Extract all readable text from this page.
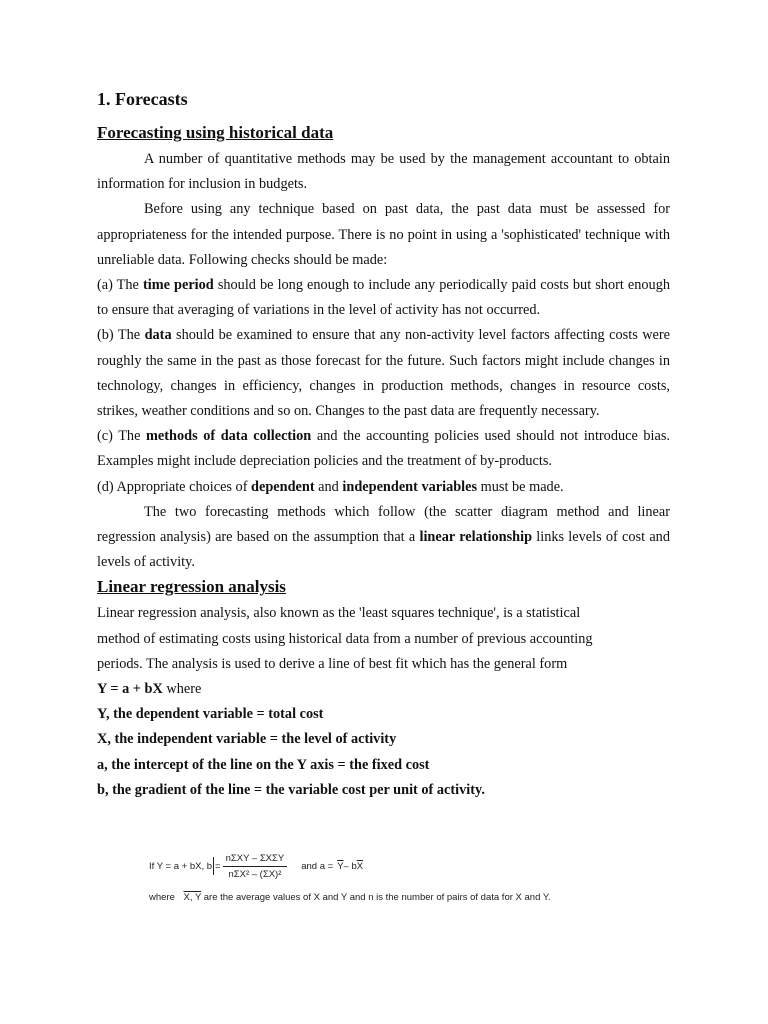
1. Forecasts
Forecasting using historical data

A number of quantitative methods may be used by the management accountant to obtain information for inclusion in budgets.

Before using any technique based on past data, the past data must be assessed for appropriateness for the intended purpose. There is no point in using a 'sophisticated' technique with unreliable data. Following checks should be made:

(a) The time period should be long enough to include any periodically paid costs but short enough to ensure that averaging of variations in the level of activity has not occurred.

(b) The data should be examined to ensure that any non-activity level factors affecting costs were roughly the same in the past as those forecast for the future. Such factors might include changes in technology, changes in efficiency, changes in production methods, changes in resource costs, strikes, weather conditions and so on. Changes to the past data are frequently necessary.

(c) The methods of data collection and the accounting policies used should not introduce bias. Examples might include depreciation policies and the treatment of by-products.

(d) Appropriate choices of dependent and independent variables must be made.

The two forecasting methods which follow (the scatter diagram method and linear regression analysis) are based on the assumption that a linear relationship links levels of cost and levels of activity.

Linear regression analysis

Linear regression analysis, also known as the 'least squares technique', is a statistical

method of estimating costs using historical data from a number of previous accounting

periods. The analysis is used to derive a line of best fit which has the general form

Y = a + bX where

Y, the dependent variable = total cost

X, the independent variable = the level of activity

a, the intercept of the line on the Y axis = the fixed cost

b, the gradient of the line = the variable cost per unit of activity.

If Y = a + bX, $b = \frac{\text{nΣXY – ΣXΣY}}{\text{nΣX² – (ΣX)²}}$ and $a = \overline{Y} - b$ $\overline{X}$
where X, Y are the average values of X and Y and n is the number of pairs of data for X and Y.
